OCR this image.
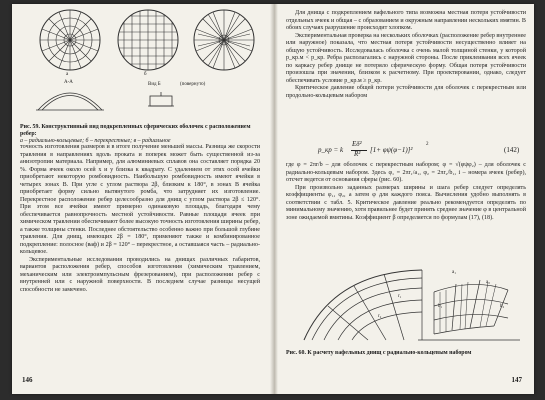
а	б
А-А	Вид Б	(повернуто)
Рис. 59. Конструктивный вид подкрепленных сферических оболочек с расположением ребер:
а – радиально-кольцевые; б – перекрестные; в – радиальное

точность изготовления размеров и в итоге получение меньшей массы. Разница же скорости травления в направлениях вдоль проката и поперек может быть существенной из-за анизотропии материала. Например, для алюминиевых сплавов она составляет порядка 20 %. Форма ячеек около осей x и y близка к квадрату. С удалением от этих осей ячейки приобретают некоторую ромбовидность. Наибольшую ромбовидность имеют ячейки в четырех зонах B. При угле с углом раствора 2β, близким к 180°, в зонах B ячейка приобретает форму сильно вытянутого ромба, что затрудняет их изготовление. Перекрестное расположение ребер целесообразно для днищ с углом раствора 2β ≤ 120°. При этом все ячейки имеют примерно одинаковую площадь, благодаря чему обеспечивается равнопрочность местной устойчивости. Равные площади ячеек при химическом травлении обеспечивают более высокую точность изготовления ширины ребер, а также толщины стенки. Последнее обстоятельство особенно важно при большой глубине травления. Для днищ, имеющих 2β = 180°, применяют также и комбинированное подкрепление: полосное (ваф) и 2β = 120° – перекрестное, а оставшаяся часть – радиально-кольцевое.

Экспериментальные исследования проводились на днищах различных габаритов, вариантов расположения ребер, способов изготовления (химическим травлением, механическим или электроимпульсным фрезерованием), при расположении ребер с внутренней или с наружной поверхности. В последнем случае разницы несущей способности не замечено.

146

Для днища с подкреплением вафельного типа возможна местная потеря устойчивости отдельных ячеек и общая – с образованием и окружным направлении нескольких вмятин. В обоих случаях разрушение происходит хлопком.

Экспериментальная проверка на нескольких оболочках (расположение ребер внутреннее или наружное) показала, что местная потеря устойчивости несущественно влияет на общую устойчивость. Исследовалась оболочка с очень малой толщиной стенки, у которой p_кр.м < p_кр. Ребра располагались с наружной стороны. После приклеивания всех ячеек по каркасу ребер днище не потеряло сферическую форму. Общая потеря устойчивости произошла при значении, близком к расчетному. При проектировании, однако, следует обеспечивать условие p_кр.м ≥ p_кр.

Критическое давление общей потери устойчивости для оболочек с перекрестным или продольно-кольцевым набором

p_кр = k
Eδ²
R² [1+ φψ(φ−1)]²
2
(142)

где φ = 2πr/b – для оболочек с перекрестным набором; φ = √(φψφ₂) – для оболочек с радиально-кольцевым набором. Здесь φ₁ = 2πr₁/a₁, φ₂ = 2πr₂/b₁, i – номера ячеек (ребер), отсчет ведется от основания сферы (рис. 60).

При произвольно заданных размерах ширины и шага ребер следует определять коэффициенты φ₁, φ₂, а затем φ для каждого пояса. Вычисления удобно выполнять в соответствии с табл. 5. Критическое давление реально рекомендуется определять по минимальному значению, хотя правильнее будет принять среднее значение φ в центральной зоне ожидаемой вмятины. Коэффициент β определяется по формулам (17), (18).

a₁
a₂
b₁	b₂
r₁
r₂
Рис. 60. К расчету вафельных днищ с радиально-кольцевым набором
147
